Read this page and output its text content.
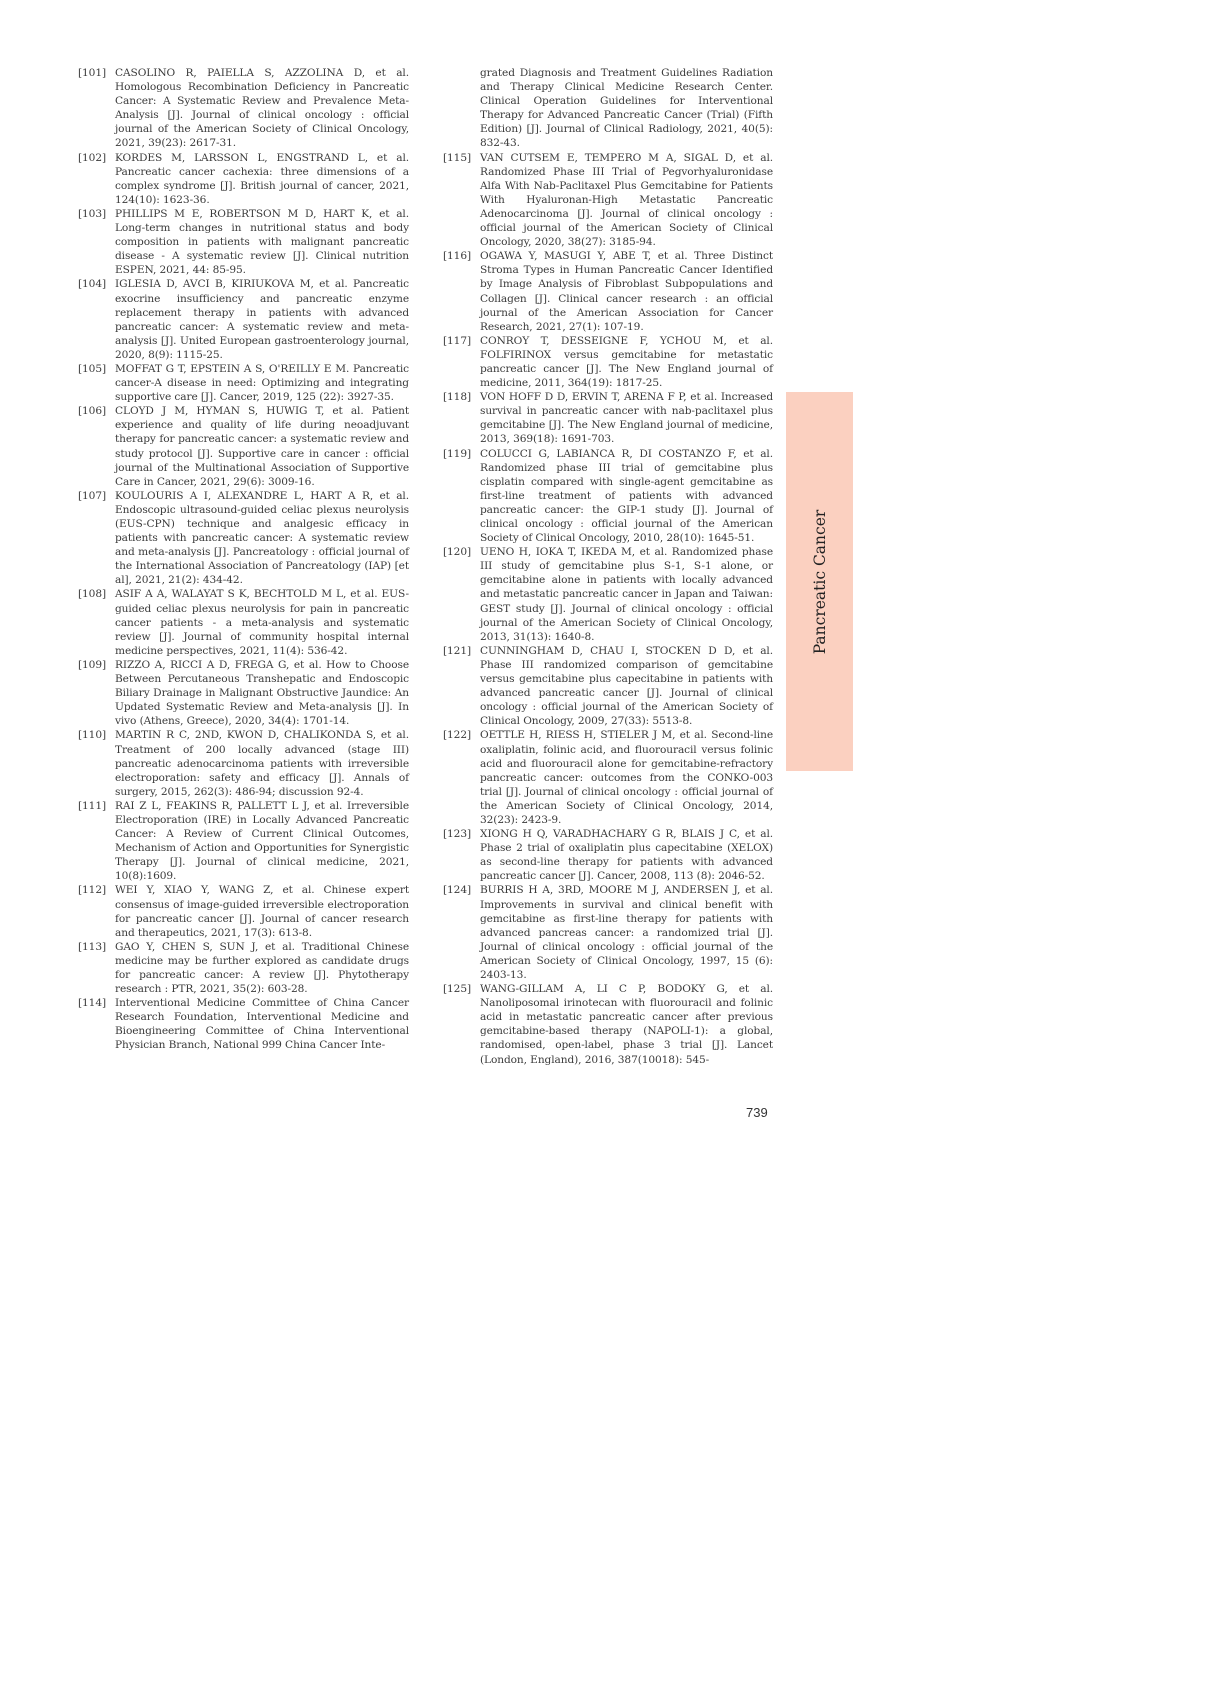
[101] CASOLINO R, PAIELLA S, AZZOLINA D, et al. Homologous Recombination Deficiency in Pancreatic Cancer: A Systematic Review and Prevalence Meta-Analysis [J]. Journal of clinical oncology : official journal of the American Society of Clinical Oncology, 2021, 39(23): 2617-31.
[102] KORDES M, LARSSON L, ENGSTRAND L, et al. Pancreatic cancer cachexia: three dimensions of a complex syndrome [J]. British journal of cancer, 2021, 124(10): 1623-36.
[103] PHILLIPS M E, ROBERTSON M D, HART K, et al. Long-term changes in nutritional status and body composition in patients with malignant pancreatic disease - A systematic review [J]. Clinical nutrition ESPEN, 2021, 44: 85-95.
[104] IGLESIA D, AVCI B, KIRIUKOVA M, et al. Pancreatic exocrine insufficiency and pancreatic enzyme replacement therapy in patients with advanced pancreatic cancer: A systematic review and meta-analysis [J]. United European gastroenterology journal, 2020, 8(9): 1115-25.
[105] MOFFAT G T, EPSTEIN A S, O'REILLY E M. Pancreatic cancer-A disease in need: Optimizing and integrating supportive care [J]. Cancer, 2019, 125 (22): 3927-35.
[106] CLOYD J M, HYMAN S, HUWIG T, et al. Patient experience and quality of life during neoadjuvant therapy for pancreatic cancer: a systematic review and study protocol [J]. Supportive care in cancer : official journal of the Multinational Association of Supportive Care in Cancer, 2021, 29(6): 3009-16.
[107] KOULOURIS A I, ALEXANDRE L, HART A R, et al. Endoscopic ultrasound-guided celiac plexus neurolysis (EUS-CPN) technique and analgesic efficacy in patients with pancreatic cancer: A systematic review and meta-analysis [J]. Pancreatology : official journal of the International Association of Pancreatology (IAP) [et al], 2021, 21(2): 434-42.
[108] ASIF A A, WALAYAT S K, BECHTOLD M L, et al. EUS-guided celiac plexus neurolysis for pain in pancreatic cancer patients - a meta-analysis and systematic review [J]. Journal of community hospital internal medicine perspectives, 2021, 11(4): 536-42.
[109] RIZZO A, RICCI A D, FREGA G, et al. How to Choose Between Percutaneous Transhepatic and Endoscopic Biliary Drainage in Malignant Obstructive Jaundice: An Updated Systematic Review and Meta-analysis [J]. In vivo (Athens, Greece), 2020, 34(4): 1701-14.
[110] MARTIN R C, 2ND, KWON D, CHALIKONDA S, et al. Treatment of 200 locally advanced (stage III) pancreatic adenocarcinoma patients with irreversible electroporation: safety and efficacy [J]. Annals of surgery, 2015, 262(3): 486-94; discussion 92-4.
[111] RAI Z L, FEAKINS R, PALLETT L J, et al. Irreversible Electroporation (IRE) in Locally Advanced Pancreatic Cancer: A Review of Current Clinical Outcomes, Mechanism of Action and Opportunities for Synergistic Therapy [J]. Journal of clinical medicine, 2021, 10(8):1609.
[112] WEI Y, XIAO Y, WANG Z, et al. Chinese expert consensus of image-guided irreversible electroporation for pancreatic cancer [J]. Journal of cancer research and therapeutics, 2021, 17(3): 613-8.
[113] GAO Y, CHEN S, SUN J, et al. Traditional Chinese medicine may be further explored as candidate drugs for pancreatic cancer: A review [J]. Phytotherapy research : PTR, 2021, 35(2): 603-28.
[114] Interventional Medicine Committee of China Cancer Research Foundation, Interventional Medicine and Bioengineering Committee of China Interventional Physician Branch, National 999 China Cancer Inte-
grated Diagnosis and Treatment Guidelines Radiation and Therapy Clinical Medicine Research Center. Clinical Operation Guidelines for Interventional Therapy for Advanced Pancreatic Cancer (Trial) (Fifth Edition) [J]. Journal of Clinical Radiology, 2021, 40(5): 832-43.
[115] VAN CUTSEM E, TEMPERO M A, SIGAL D, et al. Randomized Phase III Trial of Pegvorhyaluronidase Alfa With Nab-Paclitaxel Plus Gemcitabine for Patients With Hyaluronan-High Metastatic Pancreatic Adenocarcinoma [J]. Journal of clinical oncology : official journal of the American Society of Clinical Oncology, 2020, 38(27): 3185-94.
[116] OGAWA Y, MASUGI Y, ABE T, et al. Three Distinct Stroma Types in Human Pancreatic Cancer Identified by Image Analysis of Fibroblast Subpopulations and Collagen [J]. Clinical cancer research : an official journal of the American Association for Cancer Research, 2021, 27(1): 107-19.
[117] CONROY T, DESSEIGNE F, YCHOU M, et al. FOLFIRINOX versus gemcitabine for metastatic pancreatic cancer [J]. The New England journal of medicine, 2011, 364(19): 1817-25.
[118] VON HOFF D D, ERVIN T, ARENA F P, et al. Increased survival in pancreatic cancer with nab-paclitaxel plus gemcitabine [J]. The New England journal of medicine, 2013, 369(18): 1691-703.
[119] COLUCCI G, LABIANCA R, DI COSTANZO F, et al. Randomized phase III trial of gemcitabine plus cisplatin compared with single-agent gemcitabine as first-line treatment of patients with advanced pancreatic cancer: the GIP-1 study [J]. Journal of clinical oncology : official journal of the American Society of Clinical Oncology, 2010, 28(10): 1645-51.
[120] UENO H, IOKA T, IKEDA M, et al. Randomized phase III study of gemcitabine plus S-1, S-1 alone, or gemcitabine alone in patients with locally advanced and metastatic pancreatic cancer in Japan and Taiwan: GEST study [J]. Journal of clinical oncology : official journal of the American Society of Clinical Oncology, 2013, 31(13): 1640-8.
[121] CUNNINGHAM D, CHAU I, STOCKEN D D, et al. Phase III randomized comparison of gemcitabine versus gemcitabine plus capecitabine in patients with advanced pancreatic cancer [J]. Journal of clinical oncology : official journal of the American Society of Clinical Oncology, 2009, 27(33): 5513-8.
[122] OETTLE H, RIESS H, STIELER J M, et al. Second-line oxaliplatin, folinic acid, and fluorouracil versus folinic acid and fluorouracil alone for gemcitabine-refractory pancreatic cancer: outcomes from the CONKO-003 trial [J]. Journal of clinical oncology : official journal of the American Society of Clinical Oncology, 2014, 32(23): 2423-9.
[123] XIONG H Q, VARADHACHARY G R, BLAIS J C, et al. Phase 2 trial of oxaliplatin plus capecitabine (XELOX) as second-line therapy for patients with advanced pancreatic cancer [J]. Cancer, 2008, 113 (8): 2046-52.
[124] BURRIS H A, 3RD, MOORE M J, ANDERSEN J, et al. Improvements in survival and clinical benefit with gemcitabine as first-line therapy for patients with advanced pancreas cancer: a randomized trial [J]. Journal of clinical oncology : official journal of the American Society of Clinical Oncology, 1997, 15 (6): 2403-13.
[125] WANG-GILLAM A, LI C P, BODOKY G, et al. Nanoliposomal irinotecan with fluorouracil and folinic acid in metastatic pancreatic cancer after previous gemcitabine-based therapy (NAPOLI-1): a global, randomised, open-label, phase 3 trial [J]. Lancet (London, England), 2016, 387(10018): 545-
Pancreatic Cancer
739
